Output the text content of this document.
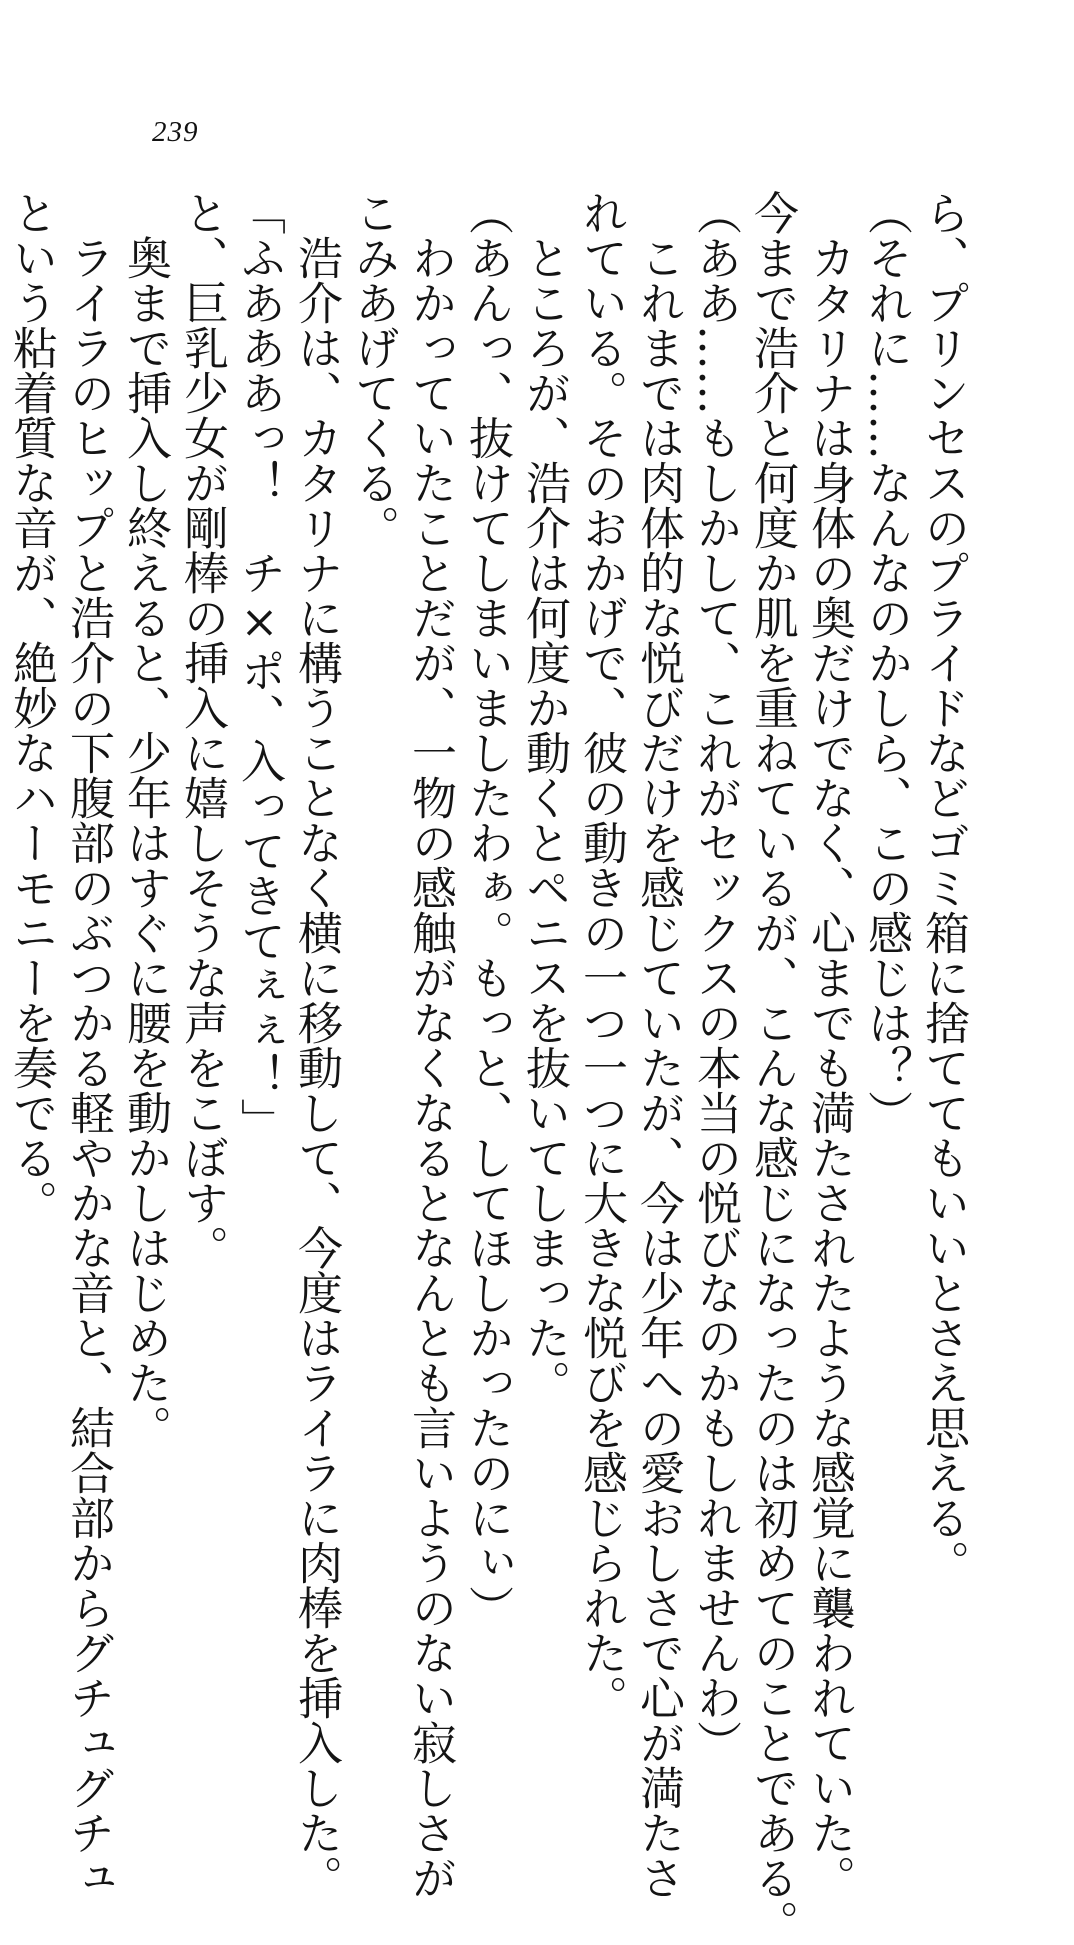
239
ら、プリンセスのプライドなどゴミ箱に捨ててもいいとさえ思える。
（それに……なんなのかしら、この感じは？）
カタリナは身体の奥だけでなく、心までも満たされたような感覚に襲われていた。
今まで浩介と何度か肌を重ねているが、こんな感じになったのは初めてのことである。
（ああ……もしかして、これがセックスの本当の悦びなのかもしれませんわ）
これまでは肉体的な悦びだけを感じていたが、今は少年への愛おしさで心が満たさ
れている。そのおかげで、彼の動きの一つ一つに大きな悦びを感じられた。
ところが、浩介は何度か動くとペニスを抜いてしまった。
（あんっ、抜けてしまいましたわぁ。もっと、してほしかったのにぃ）
わかっていたことだが、一物の感触がなくなるとなんとも言いようのない寂しさが
こみあげてくる。
浩介は、カタリナに構うことなく横に移動して、今度はライラに肉棒を挿入した。
「ふあああっ！　チ×ポ、入ってきてぇぇ！」
と、巨乳少女が剛棒の挿入に嬉しそうな声をこぼす。
奥まで挿入し終えると、少年はすぐに腰を動かしはじめた。
ライラのヒップと浩介の下腹部のぶつかる軽やかな音と、結合部からグチュグチュ
という粘着質な音が、絶妙なハーモニーを奏でる。
